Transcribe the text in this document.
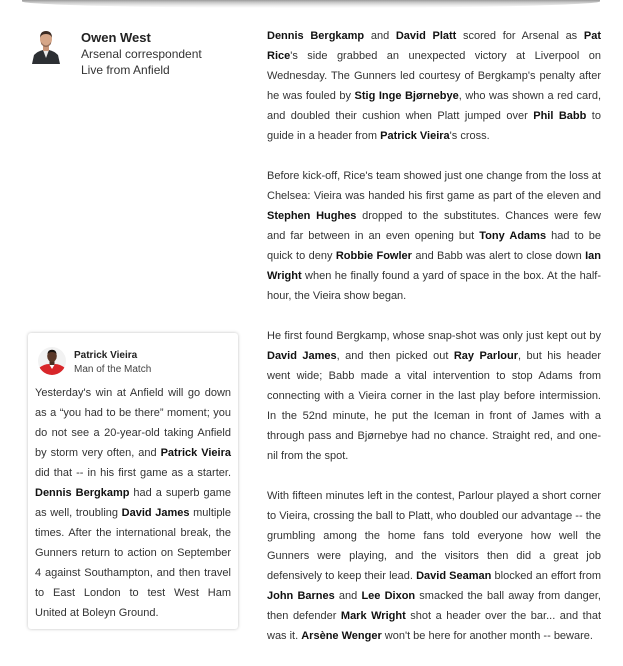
Owen West
Arsenal correspondent
Live from Anfield

Dennis Bergkamp and David Platt scored for Arsenal as Pat Rice's side grabbed an unexpected victory at Liverpool on Wednesday. The Gunners led courtesy of Bergkamp's penalty after he was fouled by Stig Inge Bjørnebye, who was shown a red card, and doubled their cushion when Platt jumped over Phil Babb to guide in a header from Patrick Vieira's cross.

Before kick-off, Rice's team showed just one change from the loss at Chelsea: Vieira was handed his first game as part of the eleven and Stephen Hughes dropped to the substitutes. Chances were few and far between in an even opening but Tony Adams had to be quick to deny Robbie Fowler and Babb was alert to close down Ian Wright when he finally found a yard of space in the box. At the half-hour, the Vieira show began.

He first found Bergkamp, whose snap-shot was only just kept out by David James, and then picked out Ray Parlour, but his header went wide; Babb made a vital intervention to stop Adams from connecting with a Vieira corner in the last play before intermission. In the 52nd minute, he put the Iceman in front of James with a through pass and Bjørnebye had no chance. Straight red, and one-nil from the spot.

With fifteen minutes left in the contest, Parlour played a short corner to Vieira, crossing the ball to Platt, who doubled our advantage -- the grumbling among the home fans told everyone how well the Gunners were playing, and the visitors then did a great job defensively to keep their lead. David Seaman blocked an effort from John Barnes and Lee Dixon smacked the ball away from danger, then defender Mark Wright shot a header over the bar... and that was it. Arsène Wenger won't be here for another month -- beware.

Patrick Vieira
Man of the Match
Yesterday's win at Anfield will go down as a “you had to be there” moment; you do not see a 20-year-old taking Anfield by storm very often, and Patrick Vieira did that -- in his first game as a starter. Dennis Bergkamp had a superb game as well, troubling David James multiple times. After the international break, the Gunners return to action on September 4 against Southampton, and then travel to East London to test West Ham United at Boleyn Ground.
